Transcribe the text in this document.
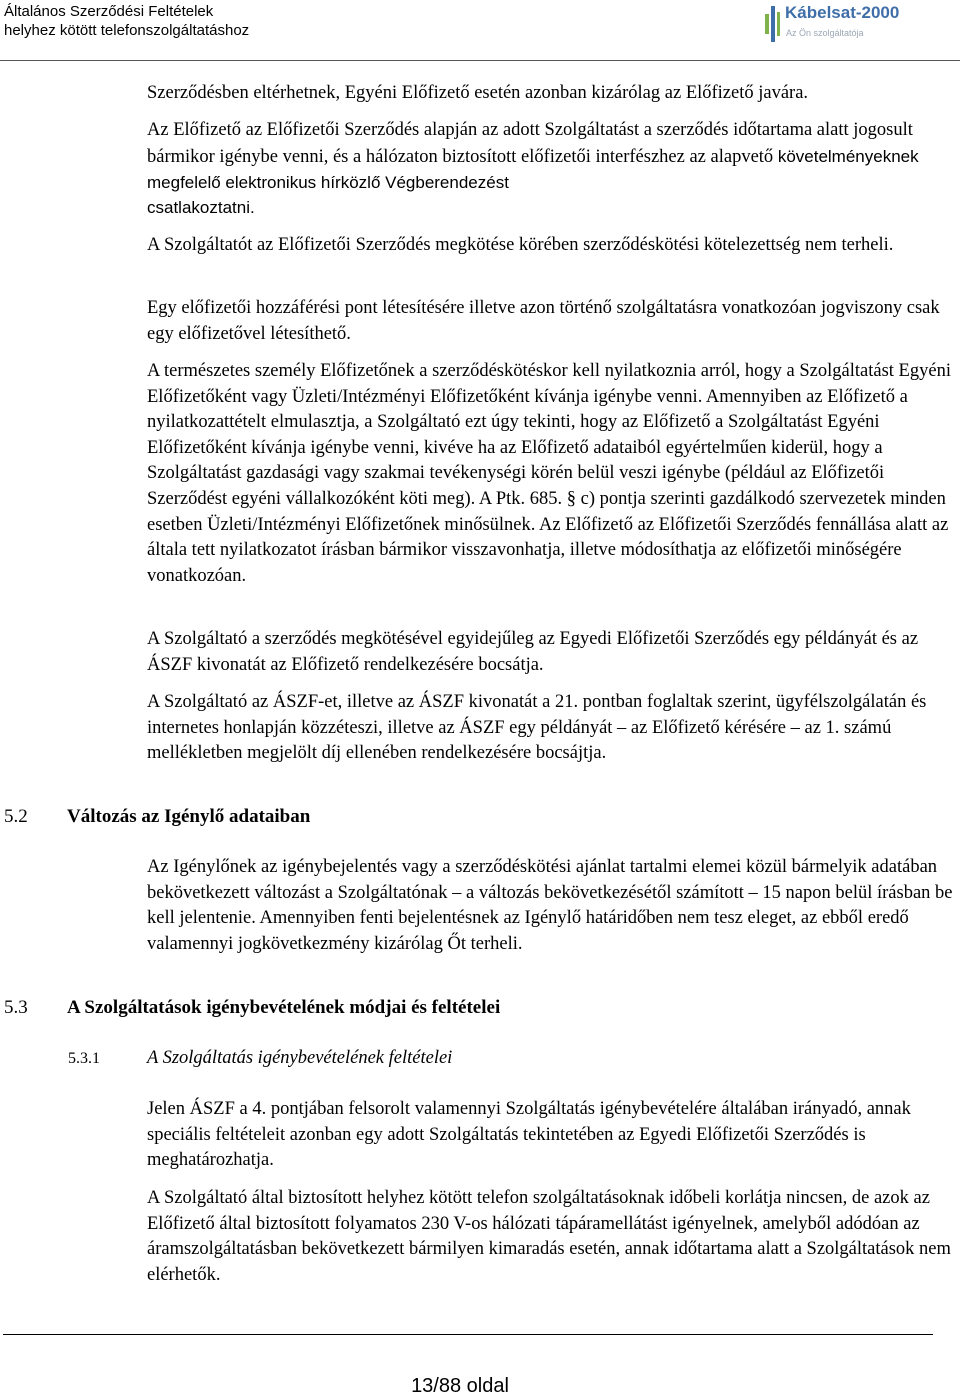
Általános Szerződési Feltételek
helyhez kötött telefonszolgáltatáshoz
Kábelsat-2000
Az Ön szolgáltatója

Szerződésben eltérhetnek, Egyéni Előfizető esetén azonban kizárólag az Előfizető javára.

Az Előfizető az Előfizetői Szerződés alapján az adott Szolgáltatást a szerződés időtartama alatt jogosult bármikor igénybe venni, és a hálózaton biztosított előfizetői interfészhez az alapvető követelményeknek megfelelő elektronikus hírközlő Végberendezést

csatlakoztatni.

A Szolgáltatót az Előfizetői Szerződés megkötése körében szerződéskötési kötelezettség nem terheli.

Egy előfizetői hozzáférési pont létesítésére illetve azon történő szolgáltatásra vonatkozóan jogviszony csak egy előfizetővel létesíthető.

A természetes személy Előfizetőnek a szerződéskötéskor kell nyilatkoznia arról, hogy a Szolgáltatást Egyéni Előfizetőként vagy Üzleti/Intézményi Előfizetőként kívánja igénybe venni. Amennyiben az Előfizető a nyilatkozattételt elmulasztja, a Szolgáltató ezt úgy tekinti, hogy az Előfizető a Szolgáltatást Egyéni Előfizetőként kívánja igénybe venni, kivéve ha az Előfizető adataiból egyértelműen kiderül, hogy a Szolgáltatást gazdasági vagy szakmai tevékenységi körén belül veszi igénybe (például az Előfizetői Szerződést egyéni vállalkozóként köti meg). A Ptk. 685. § c) pontja szerinti gazdálkodó szervezetek minden esetben Üzleti/Intézményi Előfizetőnek minősülnek. Az Előfizető az Előfizetői Szerződés fennállása alatt az általa tett nyilatkozatot írásban bármikor visszavonhatja, illetve módosíthatja az előfizetői minőségére vonatkozóan.

A Szolgáltató a szerződés megkötésével egyidejűleg az Egyedi Előfizetői Szerződés egy példányát és az ÁSZF kivonatát az Előfizető rendelkezésére bocsátja.

A Szolgáltató az ÁSZF-et, illetve az ÁSZF kivonatát a 21. pontban foglaltak szerint, ügyfélszolgálatán és internetes honlapján közzéteszi, illetve az ÁSZF egy példányát – az Előfizető kérésére – az 1. számú mellékletben megjelölt díj ellenében rendelkezésére bocsájtja.

5.2 Változás az Igénylő adataiban

Az Igénylőnek az igénybejelentés vagy a szerződéskötési ajánlat tartalmi elemei közül bármelyik adatában bekövetkezett változást a Szolgáltatónak – a változás bekövetkezésétől számított – 15 napon belül írásban be kell jelentenie. Amennyiben fenti bejelentésnek az Igénylő határidőben nem tesz eleget, az ebből eredő valamennyi jogkövetkezmény kizárólag Őt terheli.

5.3 A Szolgáltatások igénybevételének módjai és feltételei
5.3.1	A Szolgáltatás igénybevételének feltételei

Jelen ÁSZF a 4. pontjában felsorolt valamennyi Szolgáltatás igénybevételére általában irányadó, annak speciális feltételeit azonban egy adott Szolgáltatás tekintetében az Egyedi Előfizetői Szerződés is meghatározhatja.

A Szolgáltató által biztosított helyhez kötött telefon szolgáltatásoknak időbeli korlátja nincsen, de azok az Előfizető által biztosított folyamatos 230 V-os hálózati tápáramellátást igényelnek, amelyből adódóan az áramszolgáltatásban bekövetkezett bármilyen kimaradás esetén, annak időtartama alatt a Szolgáltatások nem elérhetők.

13/88 oldal
